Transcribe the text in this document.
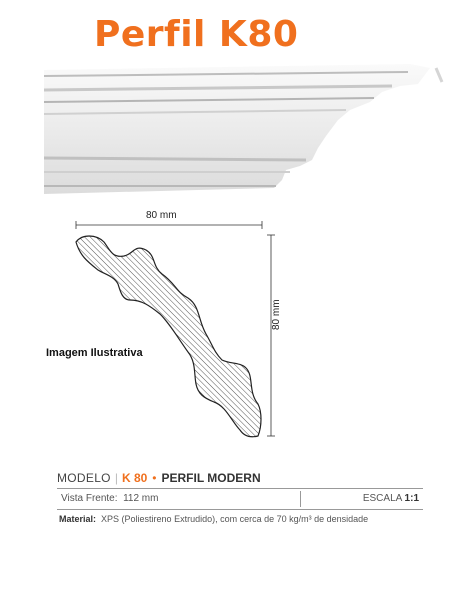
Perfil K80
80 mm
80 mm
Imagem Ilustrativa
MODELO | K 80 • PERFIL MODERN
Vista Frente: 112 mm	ESCALA 1:1
Material: XPS (Poliestireno Extrudido), com cerca de 70 kg/m³ de densidade
